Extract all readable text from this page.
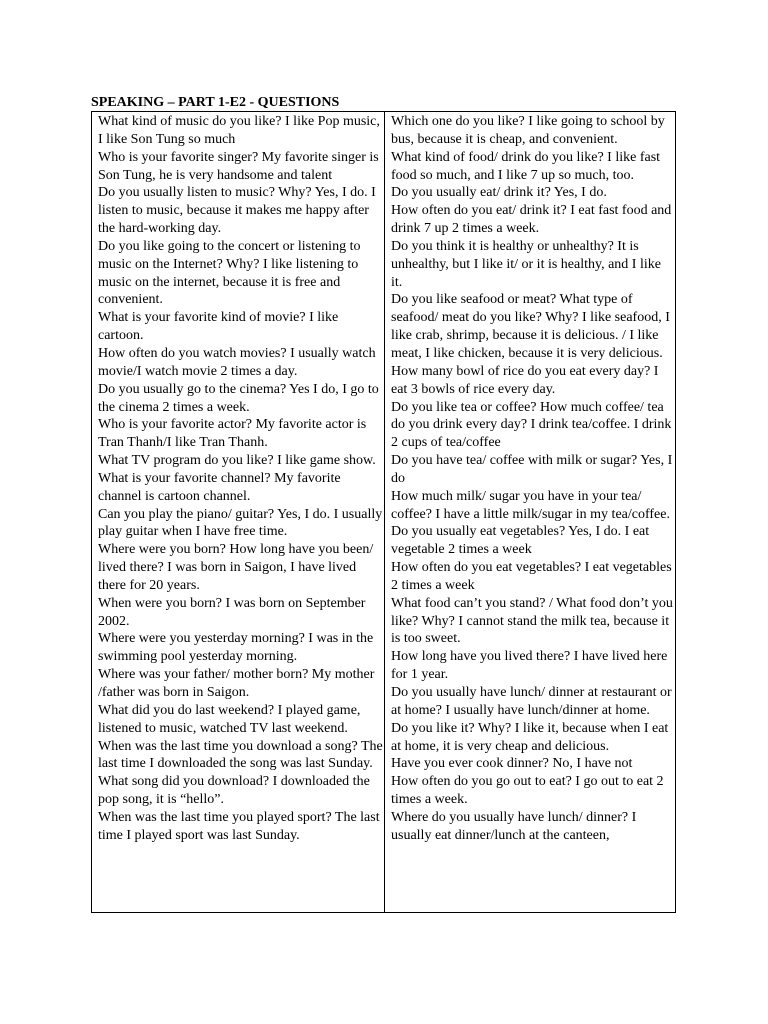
SPEAKING – PART 1-E2 - QUESTIONS
What kind of music do you like? I like Pop music, I like Son Tung so much
Who is your favorite singer? My favorite singer is Son Tung, he is very handsome and talent
Do you usually listen to music? Why? Yes, I do. I listen to music, because it makes me happy after the hard-working day.
Do you like going to the concert or listening to music on the Internet? Why? I like listening to music on the internet, because it is free and convenient.
What is your favorite kind of movie? I like cartoon.
How often do you watch movies? I usually watch movie/I watch movie 2 times a day.
Do you usually go to the cinema? Yes I do, I go to the cinema 2 times a week.
Who is your favorite actor? My favorite actor is Tran Thanh/I like Tran Thanh.
What TV program do you like? I like game show.
What is your favorite channel? My favorite channel is cartoon channel.
Can you play the piano/ guitar? Yes, I do. I usually play guitar when I have free time.
Where were you born? How long have you been/ lived there? I was born in Saigon, I have lived there for 20 years.
When were you born? I was born on September 2002.
Where were you yesterday morning? I was in the swimming pool yesterday morning.
Where was your father/ mother born? My mother /father was born in Saigon.
What did you do last weekend? I played game, listened to music, watched TV last weekend.
When was the last time you download a song? The last time I downloaded the song was last Sunday.
What song did you download? I downloaded the pop song, it is “hello”.
When was the last time you played sport? The last time I played sport was last Sunday.
Which one do you like? I like going to school by bus, because it is cheap, and convenient.
What kind of food/ drink do you like? I like fast food so much, and I like 7 up so much, too.
Do you usually eat/ drink it? Yes, I do.
How often do you eat/ drink it? I eat fast food and drink 7 up 2 times a week.
Do you think it is healthy or unhealthy? It is unhealthy, but I like it/ or it is healthy, and I like it.
Do you like seafood or meat? What type of seafood/ meat do you like? Why? I like seafood, I like crab, shrimp, because it is delicious. / I like meat, I like chicken, because it is very delicious.
How many bowl of rice do you eat every day? I eat 3 bowls of rice every day.
Do you like tea or coffee? How much coffee/ tea do you drink every day? I drink tea/coffee. I drink 2 cups of tea/coffee
Do you have tea/ coffee with milk or sugar? Yes, I do
How much milk/ sugar you have in your tea/ coffee? I have a little milk/sugar in my tea/coffee.
Do you usually eat vegetables? Yes, I do. I eat vegetable 2 times a week
How often do you eat vegetables? I eat vegetables 2 times a week
What food can’t you stand? / What food don’t you like? Why? I cannot stand the milk tea, because it is too sweet.
How long have you lived there? I have lived here for 1 year.
Do you usually have lunch/ dinner at restaurant or at home? I usually have lunch/dinner at home.
Do you like it? Why? I like it, because when I eat at home, it is very cheap and delicious.
Have you ever cook dinner? No, I have not
How often do you go out to eat? I go out to eat 2 times a week.
Where do you usually have lunch/ dinner? I usually eat dinner/lunch at the canteen,
